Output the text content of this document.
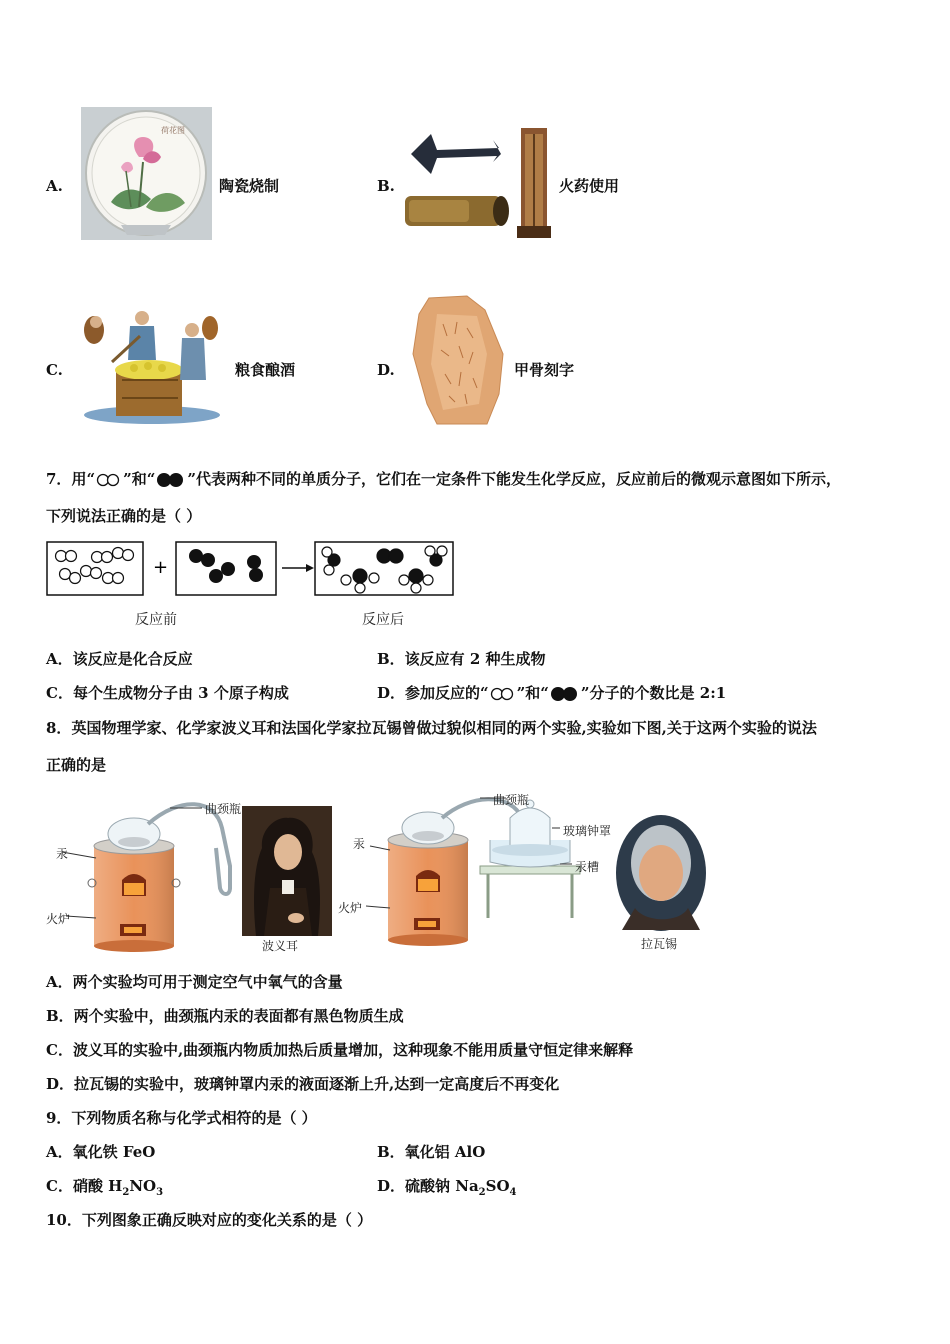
A.
荷花图
陶瓷烧制	B.	火药使用
C.	粮食酿酒	D.	甲骨刻字
7．用“ ”和“ ”代表两种不同的单质分子，它们在一定条件下能发生化学反应，反应前后的微观示意图如下所示，
下列说法正确的是（ ）
+
反应前	反应后
A．该反应是化合反应	B．该反应有 2 种生成物
C．每个生成物分子由 3 个原子构成	D．参加反应的“ ”和“ ”分子的个数比是 2:1
8．英国物理学家、化学家波义耳和法国化学家拉瓦锡曾做过貌似相同的两个实验,实验如下图,关于这两个实验的说法
正确的是
曲颈瓶
汞
火炉
波义耳
曲颈瓶
汞
火炉
玻璃钟罩
汞槽
拉瓦锡
A．两个实验均可用于测定空气中氧气的含量
B．两个实验中，曲颈瓶内汞的表面都有黑色物质生成
C．波义耳的实验中,曲颈瓶内物质加热后质量增加，这种现象不能用质量守恒定律来解释
D．拉瓦锡的实验中，玻璃钟罩内汞的液面逐渐上升,达到一定高度后不再变化
9．下列物质名称与化学式相符的是（ ）
A．氧化铁 FeO	B．氧化铝 AlO
C．硝酸 $H_2NO_3$	D．硫酸钠 $Na_2SO_4$
10．下列图象正确反映对应的变化关系的是（ ）
